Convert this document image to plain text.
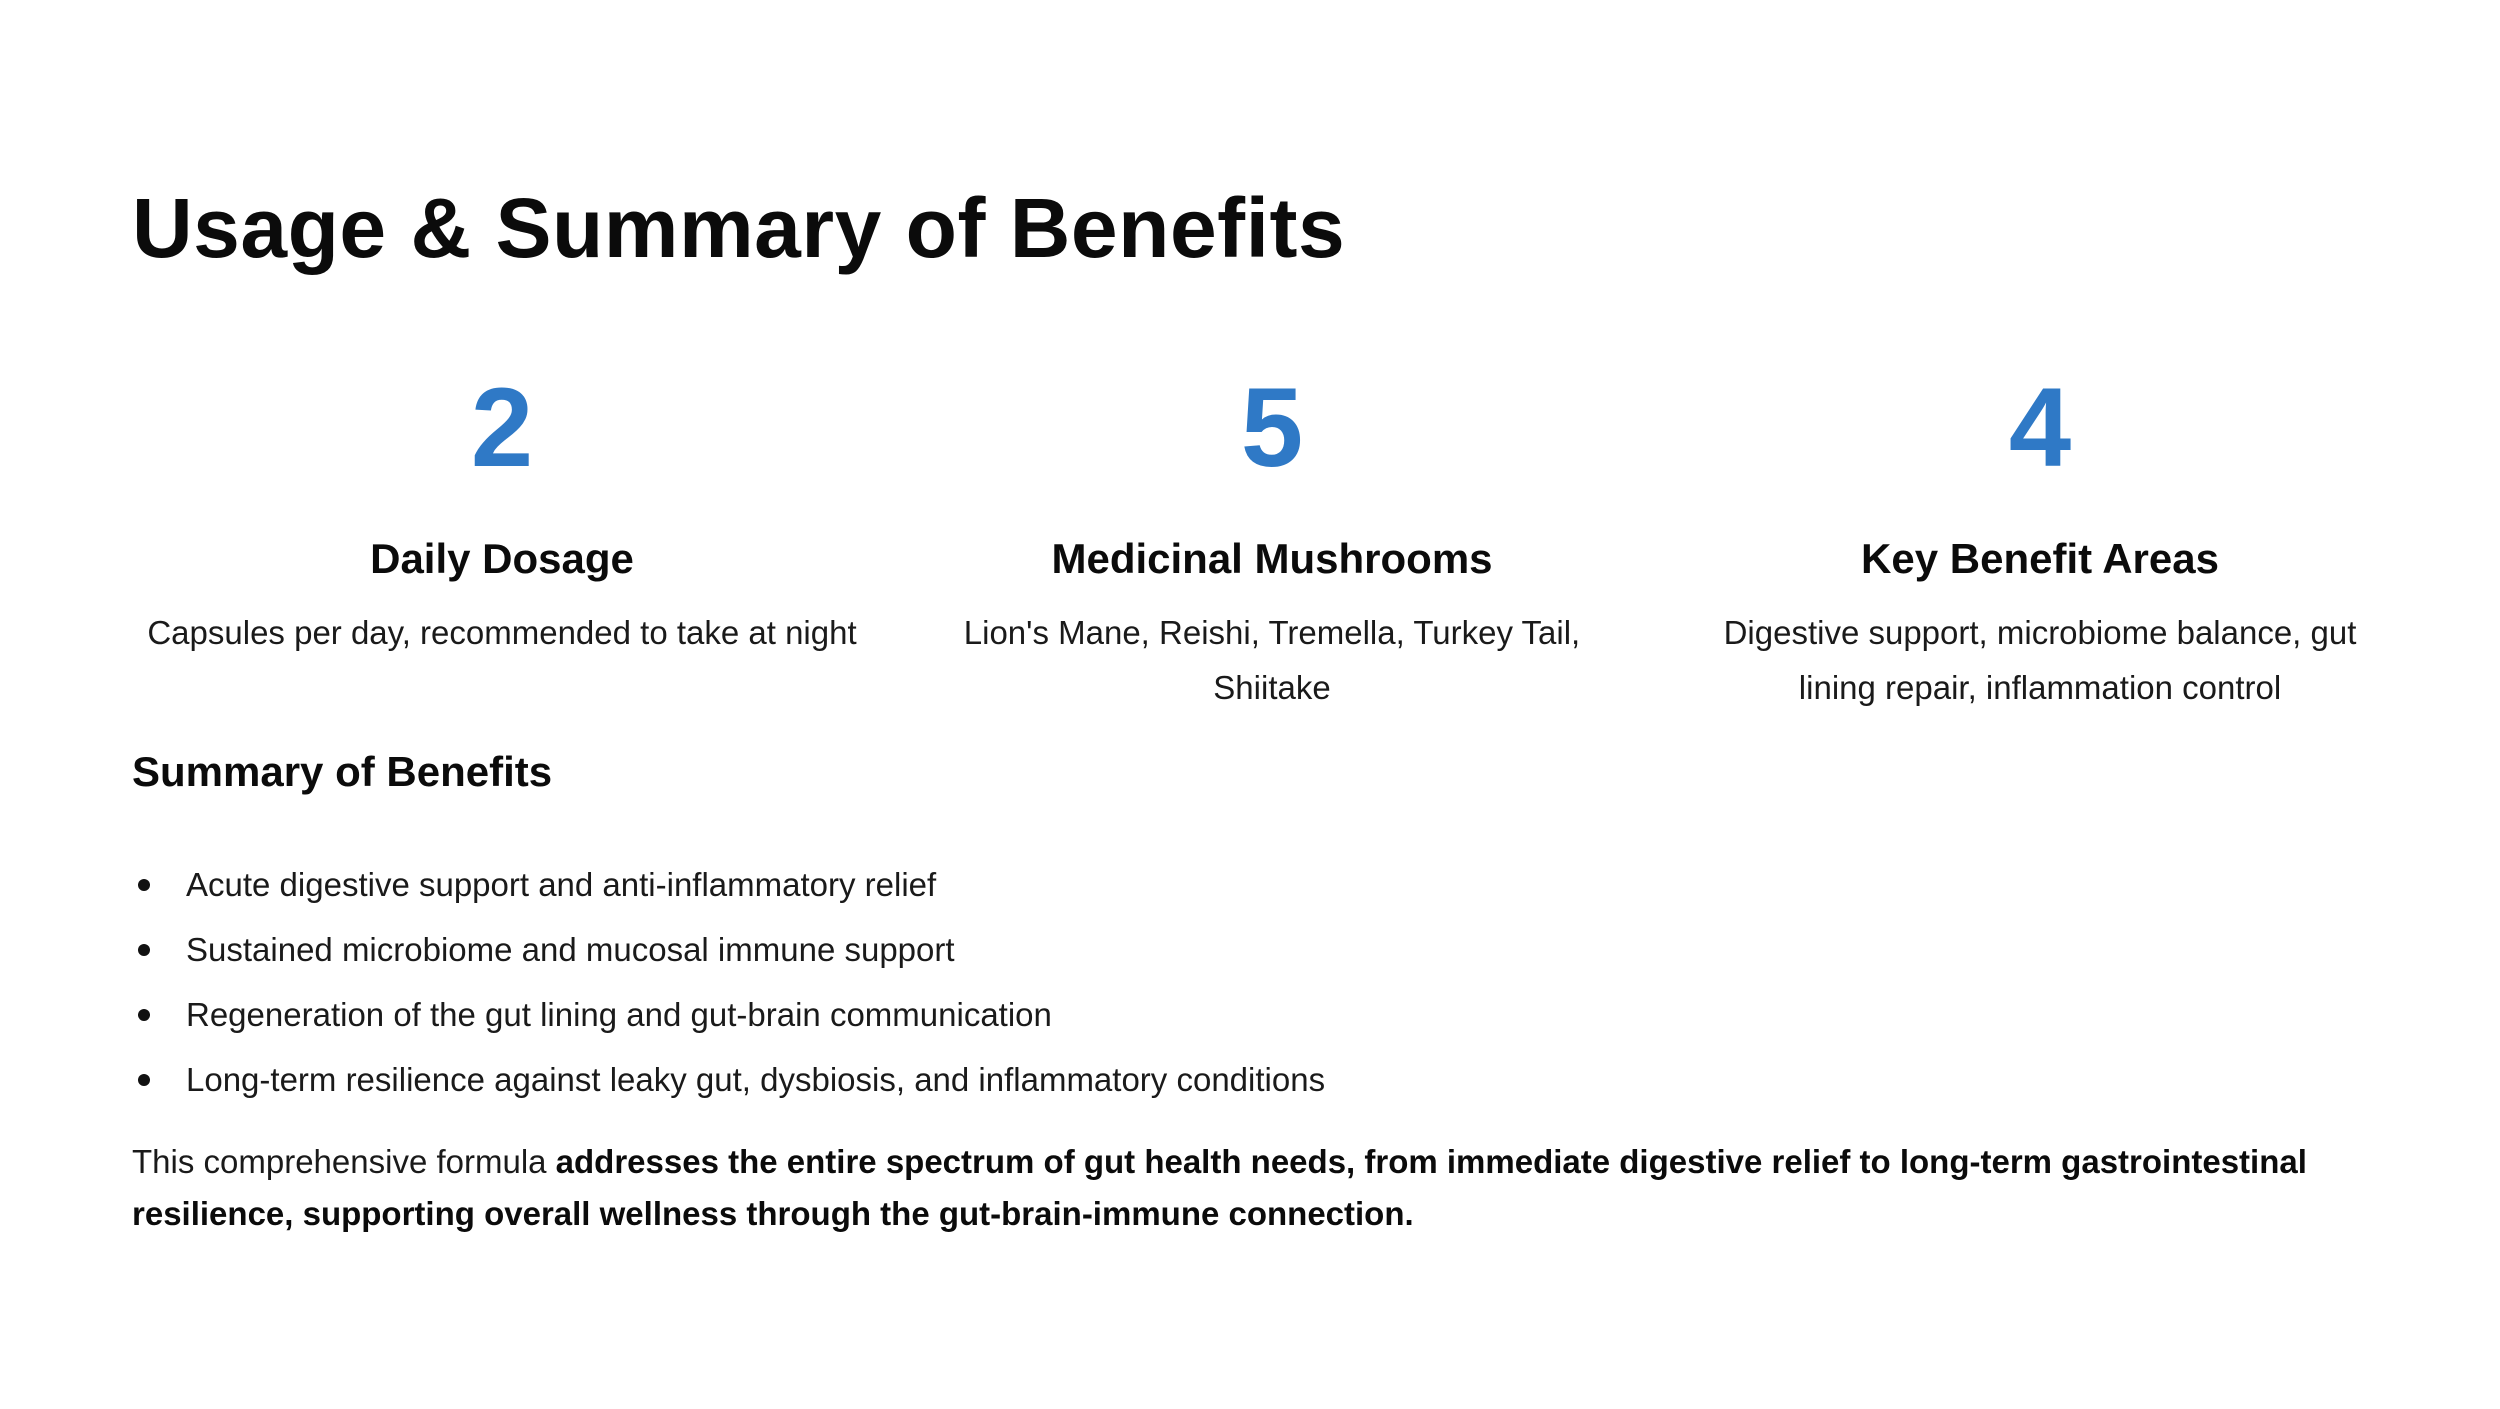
Usage & Summary of Benefits
2
Daily Dosage
Capsules per day, recommended to take at night
5
Medicinal Mushrooms
Lion's Mane, Reishi, Tremella, Turkey Tail, Shiitake
4
Key Benefit Areas
Digestive support, microbiome balance, gut lining repair, inflammation control
Summary of Benefits
Acute digestive support and anti-inflammatory relief
Sustained microbiome and mucosal immune support
Regeneration of the gut lining and gut-brain communication
Long-term resilience against leaky gut, dysbiosis, and inflammatory conditions

This comprehensive formula addresses the entire spectrum of gut health needs, from immediate digestive relief to long-term gastrointestinal resilience, supporting overall wellness through the gut-brain-immune connection.
